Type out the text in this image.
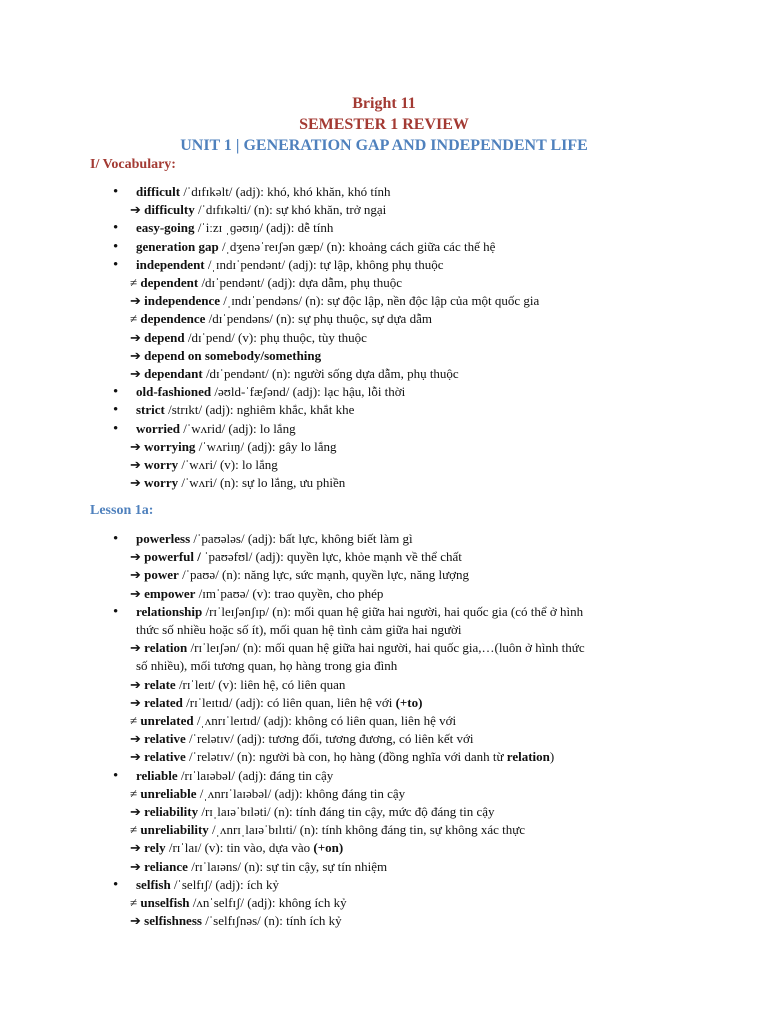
Bright 11
SEMESTER 1 REVIEW
UNIT 1 | GENERATION GAP AND INDEPENDENT LIFE
I/ Vocabulary:
• difficult /ˈdɪfɪkəlt/ (adj): khó, khó khăn, khó tính
➔ difficulty /ˈdɪfɪkəlti/ (n): sự khó khăn, trở ngại
• easy-going /ˈiːzɪ ˌɡəʊɪŋ/ (adj): dễ tính
• generation gap /ˌdʒenəˈreɪʃən ɡæp/ (n): khoảng cách giữa các thế hệ
• independent /ˌɪndɪˈpendənt/ (adj): tự lập, không phụ thuộc
≠ dependent /dɪˈpendənt/ (adj): dựa dẫm, phụ thuộc
➔ independence /ˌɪndɪˈpendəns/ (n): sự độc lập, nền độc lập của một quốc gia
≠ dependence /dɪˈpendəns/ (n): sự phụ thuộc, sự dựa dẫm
➔ depend /dɪˈpend/ (v): phụ thuộc, tùy thuộc
➔ depend on somebody/something
➔ dependant /dɪˈpendənt/ (n): người sống dựa dẫm, phụ thuộc
• old-fashioned /əʊld-ˈfæʃənd/ (adj): lạc hậu, lỗi thời
• strict /strɪkt/ (adj): nghiêm khắc, khắt khe
• worried /ˈwʌrid/ (adj): lo lắng
➔ worrying /ˈwʌriɪŋ/ (adj): gây lo lắng
➔ worry /ˈwʌri/ (v): lo lắng
➔ worry /ˈwʌri/ (n): sự lo lắng, ưu phiền
Lesson 1a:
• powerless /ˈpaʊələs/ (adj): bất lực, không biết làm gì
➔ powerful / ˈpaʊəfʊl/ (adj): quyền lực, khỏe mạnh về thể chất
➔ power /ˈpaʊə/ (n): năng lực, sức mạnh, quyền lực, năng lượng
➔ empower /ɪmˈpaʊə/ (v): trao quyền, cho phép
• relationship /rɪˈleɪʃənʃɪp/ (n): mối quan hệ giữa hai người, hai quốc gia (có thể ở hình
thức số nhiều hoặc số ít), mối quan hệ tình cảm giữa hai người
➔ relation /rɪˈleɪʃən/ (n): mối quan hệ giữa hai người, hai quốc gia,…(luôn ở hình thức
số nhiều), mối tương quan, họ hàng trong gia đình
➔ relate /rɪˈleɪt/ (v): liên hệ, có liên quan
➔ related /rɪˈleɪtɪd/ (adj): có liên quan, liên hệ với (+to)
≠ unrelated /ˌʌnrɪˈleɪtɪd/ (adj): không có liên quan, liên hệ với
➔ relative /ˈrelətɪv/ (adj): tương đối, tương đương, có liên kết với
➔ relative /ˈrelətɪv/ (n): người bà con, họ hàng (đồng nghĩa với danh từ relation)
• reliable /rɪˈlaɪəbəl/ (adj): đáng tin cậy
≠ unreliable /ˌʌnrɪˈlaɪəbəl/ (adj): không đáng tin cậy
➔ reliability /rɪˌlaɪəˈbɪləti/ (n): tính đáng tin cậy, mức độ đáng tin cậy
≠ unreliability /ˌʌnrɪˌlaɪəˈbɪlɪti/ (n): tính không đáng tin, sự không xác thực
➔ rely /rɪˈlaɪ/ (v): tin vào, dựa vào (+on)
➔ reliance /rɪˈlaɪəns/ (n): sự tin cậy, sự tín nhiệm
• selfish /ˈselfɪʃ/ (adj): ích kỷ
≠ unselfish /ʌnˈselfɪʃ/ (adj): không ích kỷ
➔ selfishness /ˈselfɪʃnəs/ (n): tính ích kỷ
